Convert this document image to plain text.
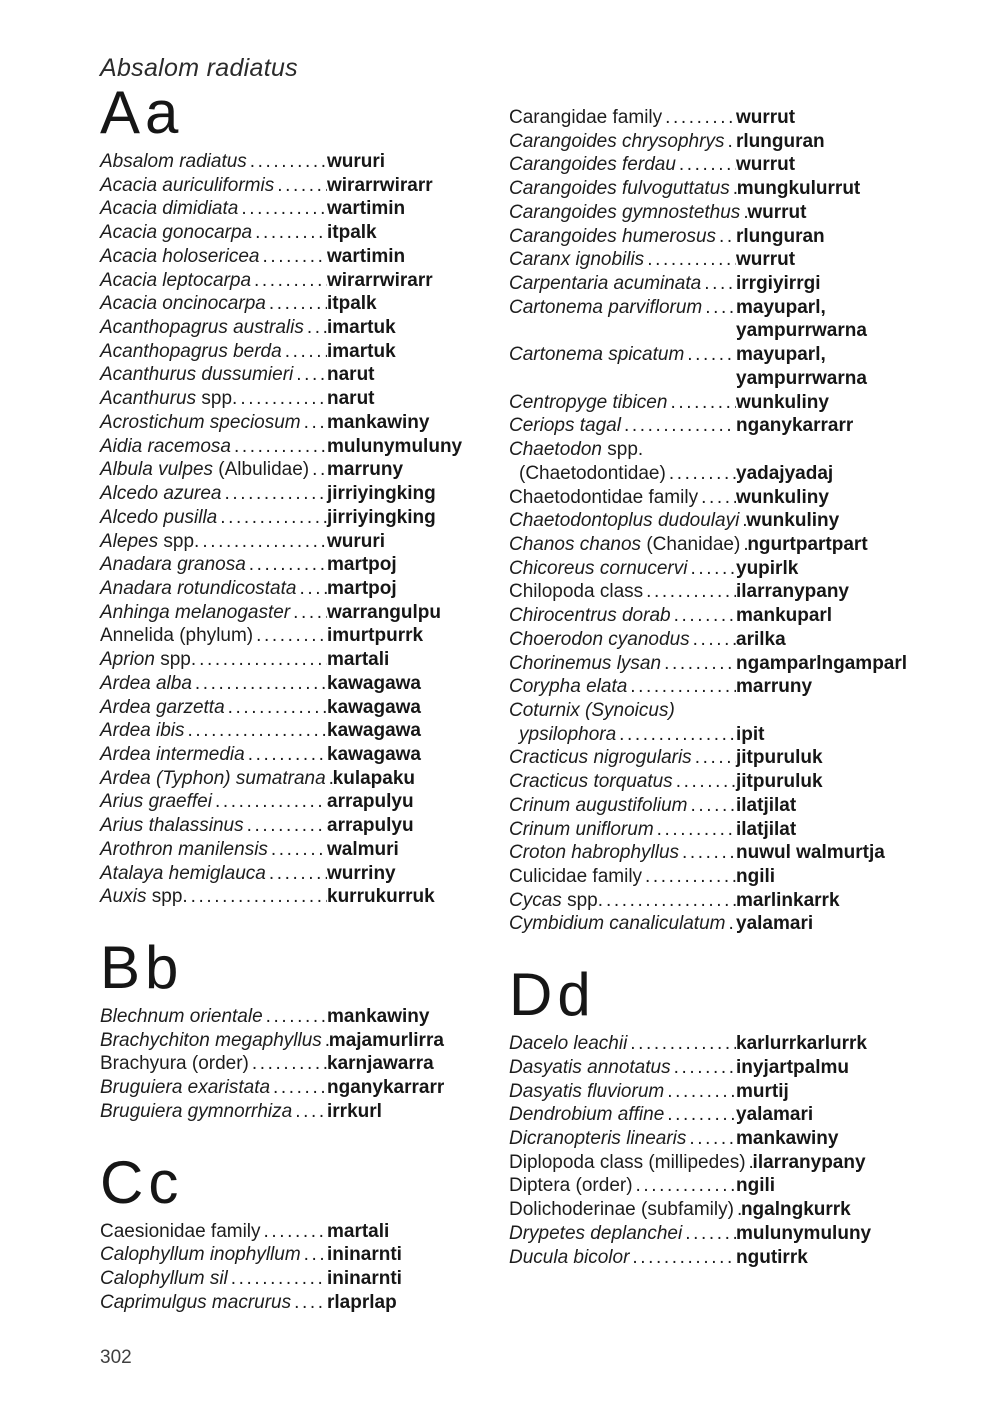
Absalom radiatus
Aa
Absalom radiatus .....	wururi
Acacia auriculiformis .....	wirarrwirarr
Acacia dimidiata .....	wartimin
Acacia gonocarpa .....	itpalk
Acacia holosericea .....	wartimin
Acacia leptocarpa .....	wirarrwirarr
Acacia oncinocarpa .....	itpalk
Acanthopagrus australis ..... imartuk
Acanthopagrus berda ..... imartuk
Acanthurus dussumieri ..... narut
Acanthurus spp. .....	narut
Acrostichum speciosum ..... mankawiny
Aidia racemosa .....	mulunymuluny
Albula vulpes (Albulidae) ..... marruny
Alcedo azurea .....	jirriyingking
Alcedo pusilla .....	jirriyingking
Alepes spp. .....	wururi
Anadara granosa .....	martpoj
Anadara rotundicostata ..... martpoj
Anhinga melanogaster ..... warrangulpu
Annelida (phylum) .....	imurtpurrk
Aprion spp. .....	martali
Ardea alba .....	kawagawa
Ardea garzetta .....	kawagawa
Ardea ibis .....	kawagawa
Ardea intermedia .....	kawagawa
Ardea (Typhon) sumatrana ..... kulapaku
Arius graeffei .....	arrapulyu
Arius thalassinus .....	arrapulyu
Arothron manilensis .....	walmuri
Atalaya hemiglauca .....	wurriny
Auxis spp. .....	kurrukurruk
Bb
Blechnum orientale .....	mankawiny
Brachychiton megaphyllus ..... majamurlirra
Brachyura (order) .....	karnjawarra
Bruguiera exaristata .....	nganykarrarr
Bruguiera gymnorrhiza ..... irrkurl
Cc
Caesionidae family .....	martali
Calophyllum inophyllum ..... ininarnti
Calophyllum sil .....	ininarnti
Caprimulgus macrurus ..... rlaprlap
Carangidae family .....	wurrut
Carangoides chrysophrys ..... rlunguran
Carangoides ferdau .....	wurrut
Carangoides fulvoguttatus ..... mungkulurrut
Carangoides gymnostethus ..... wurrut
Carangoides humerosus ..... rlunguran
Caranx ignobilis .....	wurrut
Carpentaria acuminata ..... irrgiyirrgi
Cartonema parviflorum ..... mayuparl,
yampurrwarna
Cartonema spicatum .....	mayuparl,
yampurrwarna
Centropyge tibicen .....	wunkuliny
Ceriops tagal .....	nganykarrarr
Chaetodon spp.
(Chaetodontidae) .....	yadajyadaj
Chaetodontidae family ..... wunkuliny
Chaetodontoplus dudoulayi ..... wunkuliny
Chanos chanos (Chanidae) ..... ngurtpartpart
Chicoreus cornucervi .....	yupirlk
Chilopoda class .....	ilarranypany
Chirocentrus dorab .....	mankuparl
Choerodon cyanodus ..... arilka
Chorinemus lysan .....	ngamparlngamparl
Corypha elata .....	marruny
Coturnix (Synoicus)
ypsilophora .....	ipit
Cracticus nigrogularis ..... jitpuruluk
Cracticus torquatus .....	jitpuruluk
Crinum augustifolium .....	ilatjilat
Crinum uniflorum .....	ilatjilat
Croton habrophyllus .....	nuwul walmurtja
Culicidae family .....	ngili
Cycas spp. .....	marlinkarrk
Cymbidium canaliculatum ..... yalamari
Dd
Dacelo leachii .....	karlurrkarlurrk
Dasyatis annotatus .....	inyjartpalmu
Dasyatis fluviorum .....	murtij
Dendrobium affine .....	yalamari
Dicranopteris linearis .....	mankawiny
Diplopoda class (millipedes) ..... ilarranypany
Diptera (order) .....	ngili
Dolichoderinae (subfamily) ..... ngalngkurrk
Drypetes deplanchei .....	mulunymuluny
Ducula bicolor .....	ngutirrk
302
